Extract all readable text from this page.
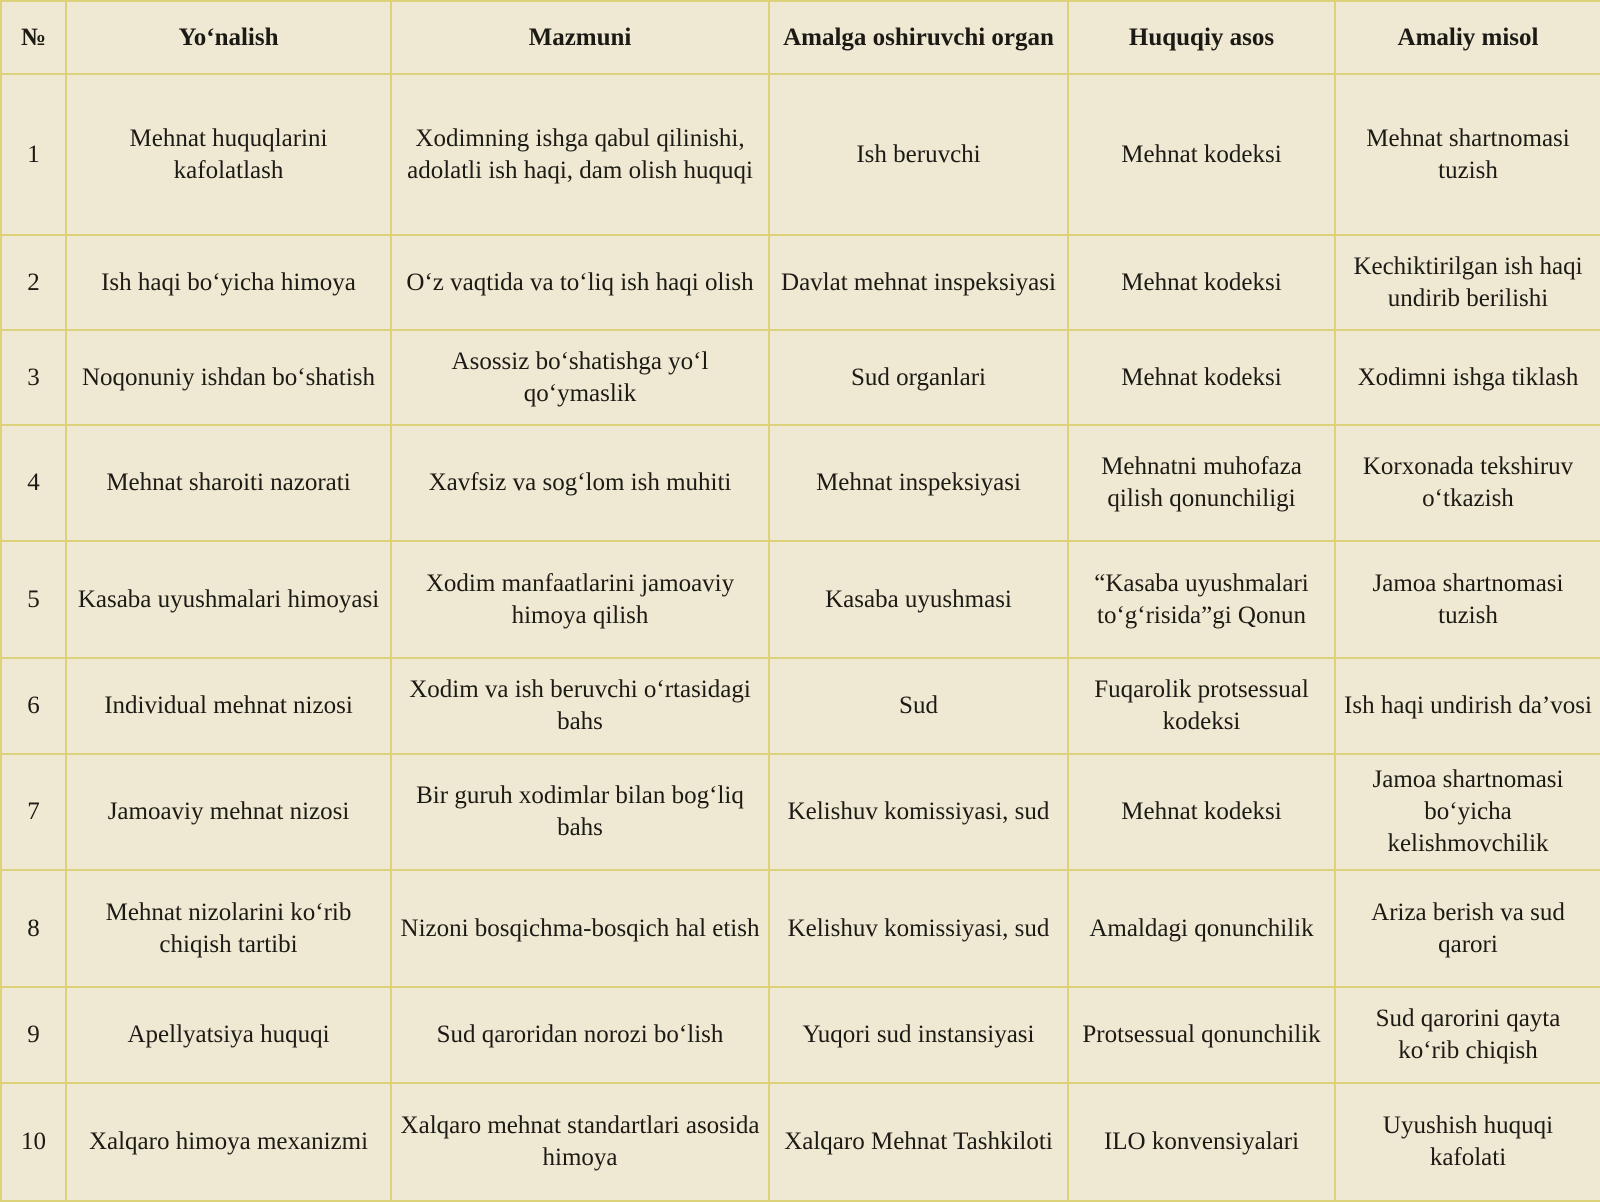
№	Yo‘nalish	Mazmuni	Amalga oshiruvchi organ	Huquqiy asos	Amaliy misol
1	Mehnat huquqlarini kafolatlash	Xodimning ishga qabul qilinishi, adolatli ish haqi, dam olish huquqi	Ish beruvchi	Mehnat kodeksi	Mehnat shartnomasi tuzish
2	Ish haqi bo‘yicha himoya	O‘z vaqtida va to‘liq ish haqi olish	Davlat mehnat inspeksiyasi	Mehnat kodeksi	Kechiktirilgan ish haqi undirib berilishi
3	Noqonuniy ishdan bo‘shatish	Asossiz bo‘shatishga yo‘l qo‘ymaslik	Sud organlari	Mehnat kodeksi	Xodimni ishga tiklash
4	Mehnat sharoiti nazorati	Xavfsiz va sog‘lom ish muhiti	Mehnat inspeksiyasi	Mehnatni muhofaza qilish qonunchiligi	Korxonada tekshiruv o‘tkazish
5	Kasaba uyushmalari himoyasi	Xodim manfaatlarini jamoaviy himoya qilish	Kasaba uyushmasi	“Kasaba uyushmalari to‘g‘risida”gi Qonun	Jamoa shartnomasi tuzish
6	Individual mehnat nizosi	Xodim va ish beruvchi o‘rtasidagi bahs	Sud	Fuqarolik protsessual kodeksi	Ish haqi undirish da’vosi
7	Jamoaviy mehnat nizosi	Bir guruh xodimlar bilan bog‘liq bahs	Kelishuv komissiyasi, sud	Mehnat kodeksi	Jamoa shartnomasi bo‘yicha kelishmovchilik
8	Mehnat nizolarini ko‘rib chiqish tartibi	Nizoni bosqichma-bosqich hal etish	Kelishuv komissiyasi, sud	Amaldagi qonunchilik	Ariza berish va sud qarori
9	Apellyatsiya huquqi	Sud qaroridan norozi bo‘lish	Yuqori sud instansiyasi	Protsessual qonunchilik	Sud qarorini qayta ko‘rib chiqish
10	Xalqaro himoya mexanizmi	Xalqaro mehnat standartlari asosida himoya	Xalqaro Mehnat Tashkiloti	ILO konvensiyalari	Uyushish huquqi kafolati
